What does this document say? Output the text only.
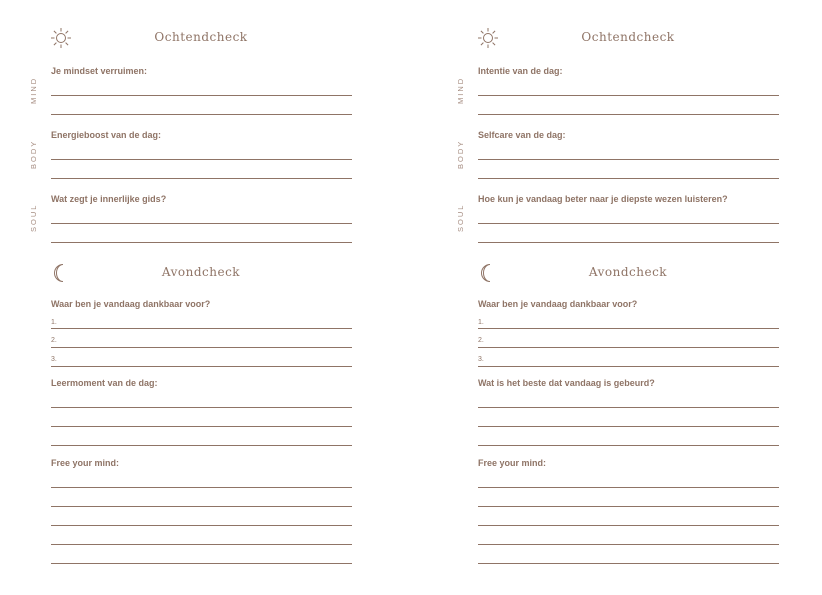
Ochtendcheck
MIND
Je mindset verruimen:
BODY
Energieboost van de dag:
SOUL
Wat zegt je innerlijke gids?
Avondcheck
Waar ben je vandaag dankbaar voor?
1.
2.
3.
Leermoment van de dag:
Free your mind:
Ochtendcheck
MIND
Intentie van de dag:
BODY
Selfcare van de dag:
SOUL
Hoe kun je vandaag beter naar je diepste wezen luisteren?
Avondcheck
Waar ben je vandaag dankbaar voor?
1.
2.
3.
Wat is het beste dat vandaag is gebeurd?
Free your mind:
